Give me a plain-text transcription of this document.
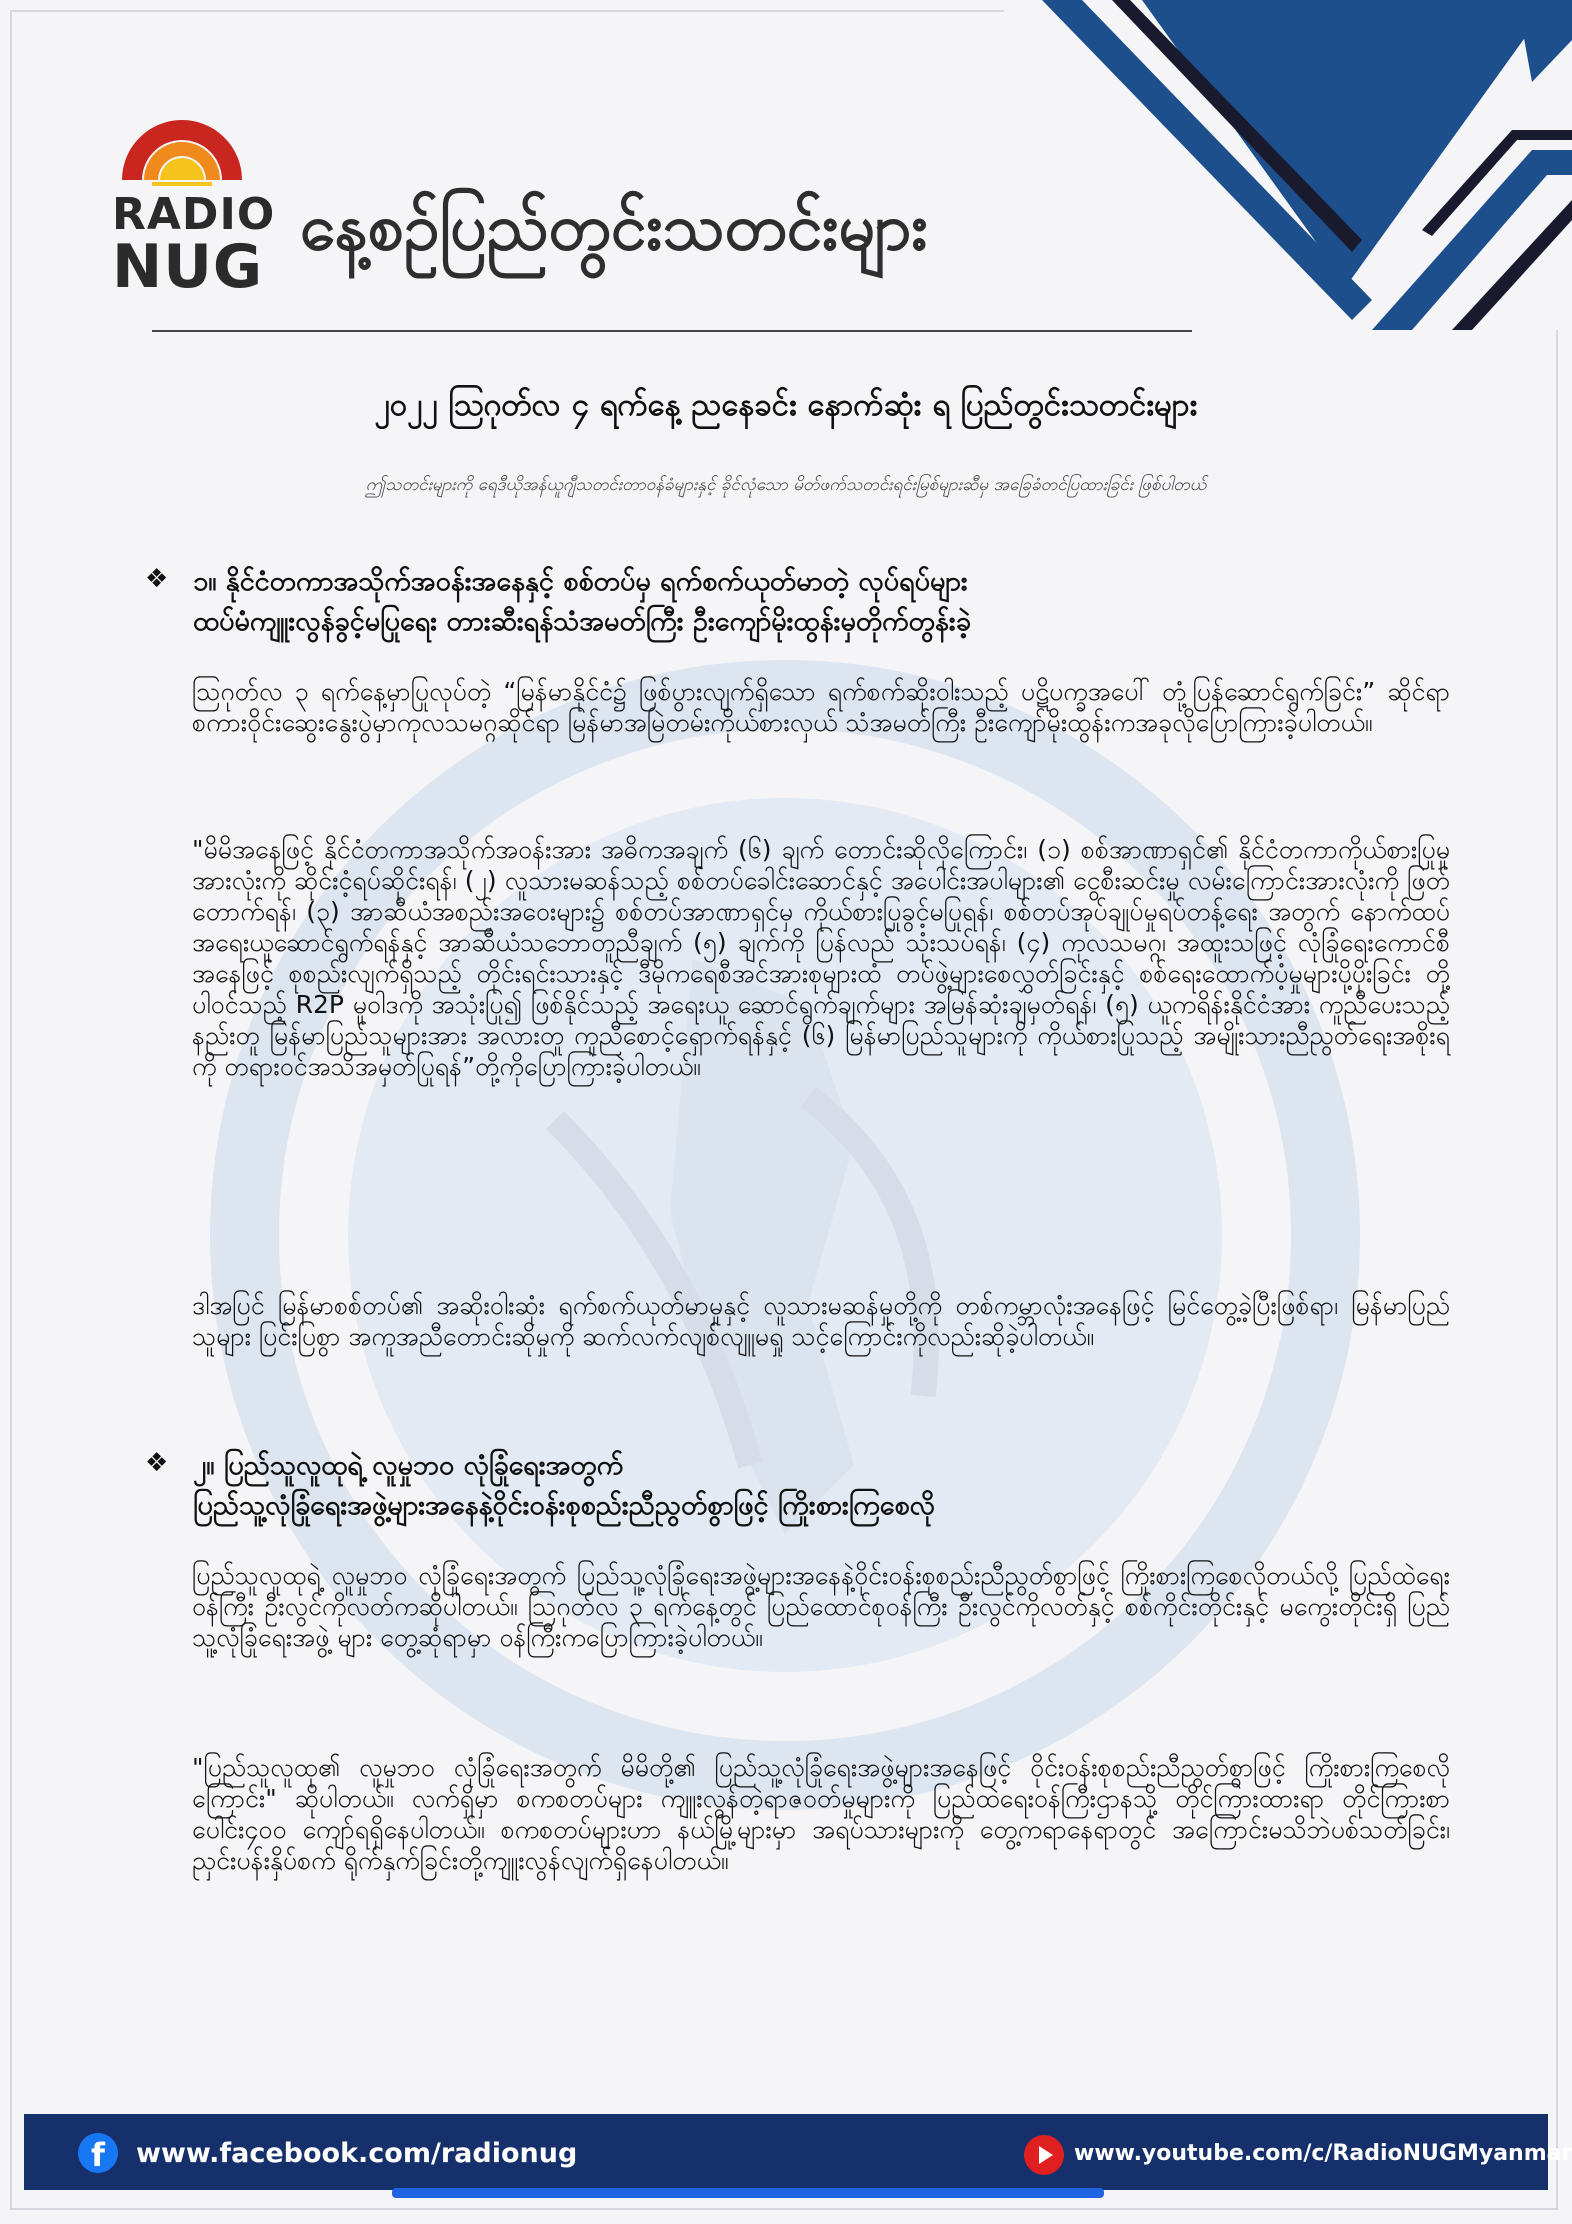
RADIO
NUG
နေ့စဉ်ပြည်တွင်းသတင်းများ
၂၀၂၂ ဩဂုတ်လ ၄ ရက်နေ့ ညနေခင်း နောက်ဆုံး ရ ပြည်တွင်းသတင်းများ
ဤသတင်းများကို ရေဒီယိုအန်ယူဂျီသတင်းတာဝန်ခံများနှင့် ခိုင်လုံသော မိတ်ဖက်သတင်းရင်းမြစ်များဆီမှ အခြေခံတင်ပြထားခြင်း ဖြစ်ပါတယ်
❖ ၁။ နိုင်ငံတကာအသိုက်အဝန်းအနေနှင့် စစ်တပ်မှ ရက်စက်ယုတ်မာတဲ့ လုပ်ရပ်များ
ထပ်မံကျူးလွန်ခွင့်မပြုရေး တားဆီးရန်သံအမတ်ကြီး ဦးကျော်မိုးထွန်းမှတိုက်တွန်းခဲ့
ဩဂုတ်လ ၃ ရက်နေ့မှာပြုလုပ်တဲ့ “မြန်မာနိုင်ငံ၌ ဖြစ်ပွားလျက်ရှိသော ရက်စက်ဆိုးဝါးသည့် ပဋိပက္ခအပေါ် တုံ့ပြန်ဆောင်ရွက်ခြင်း” ဆိုင်ရာ စကားဝိုင်းဆွေးနွေးပွဲမှာကုလသမဂ္ဂဆိုင်ရာ မြန်မာအမြဲတမ်းကိုယ်စားလှယ် သံအမတ်ကြီး ဦးကျော်မိုးထွန်းကအခုလိုပြောကြားခဲ့ပါတယ်။
"မိမိအနေဖြင့် နိုင်ငံတကာအသိုက်အဝန်းအား အဓိကအချက် (၆) ချက် တောင်းဆိုလိုကြောင်း၊ (၁) စစ်အာဏာရှင်၏ နိုင်ငံတကာကိုယ်စားပြုမှုအားလုံးကို ဆိုင်းငံ့ရပ်ဆိုင်းရန်၊ (၂) လူသားမဆန်သည့် စစ်တပ်ခေါင်းဆောင်နှင့် အပေါင်းအပါများ၏ ငွေစီးဆင်းမှု လမ်းကြောင်းအားလုံးကို ဖြတ်တောက်ရန်၊ (၃) အာဆီယံအစည်းအဝေးများ၌ စစ်တပ်အာဏာရှင်မှ ကိုယ်စားပြုခွင့်မပြုရန်၊ စစ်တပ်အုပ်ချုပ်မှုရပ်တန့်ရေး အတွက် နောက်ထပ်အရေးယူဆောင်ရွက်ရန်နှင့် အာဆီယံသဘောတူညီချက် (၅) ချက်ကို ပြန်လည် သုံးသပ်ရန်၊ (၄) ကုလသမဂ္ဂ၊ အထူးသဖြင့် လုံခြုံရေးကောင်စီအနေဖြင့် စုစည်းလျက်ရှိသည့် တိုင်းရင်းသားနှင့် ဒီမိုကရေစီအင်အားစုများထံ တပ်ဖွဲ့များစေလွှတ်ခြင်းနှင့် စစ်ရေးထောက်ပံ့မှုများပို့ပိုးခြင်း တို့ပါဝင်သည့် R2P မူဝါဒကို အသုံးပြု၍ ဖြစ်နိုင်သည့် အရေးယူ ဆောင်ရွက်ချက်များ အမြန်ဆုံးချမှတ်ရန်၊ (၅) ယူကရိန်းနိုင်ငံအား ကူညီပေးသည့်နည်းတူ မြန်မာပြည်သူများအား အလားတူ ကူညီစောင့်ရှောက်ရန်နှင့် (၆) မြန်မာပြည်သူများကို ကိုယ်စားပြုသည့် အမျိုးသားညီညွတ်ရေးအစိုးရကို တရားဝင်အသိအမှတ်ပြုရန်”တို့ကိုပြောကြားခဲ့ပါတယ်။
ဒါအပြင် မြန်မာစစ်တပ်၏ အဆိုးဝါးဆုံး ရက်စက်ယုတ်မာမှုနှင့် လူသားမဆန်မှုတို့ကို တစ်ကမ္ဘာလုံးအနေဖြင့် မြင်တွေ့ခဲ့ပြီးဖြစ်ရာ၊ မြန်မာပြည်သူများ ပြင်းပြစွာ အကူအညီတောင်းဆိုမှုကို ဆက်လက်လျစ်လျူမရှု သင့်ကြောင်းကိုလည်းဆိုခဲ့ပါတယ်။
❖ ၂။ ပြည်သူလူထုရဲ့ လူမှုဘဝ လုံခြုံရေးအတွက်
ပြည်သူ့လုံခြုံရေးအဖွဲ့များအနေနဲ့ဝိုင်းဝန်းစုစည်းညီညွတ်စွာဖြင့် ကြိုးစားကြစေလို
ပြည်သူလူထုရဲ့ လူမှုဘဝ လုံခြုံရေးအတွက် ပြည်သူ့လုံခြုံရေးအဖွဲ့များအနေနဲ့ဝိုင်းဝန်းစုစည်းညီညွတ်စွာဖြင့် ကြိုးစားကြစေလိုတယ်လို့ ပြည်ထဲရေးဝန်ကြီး ဦးလွင်ကိုလတ်ကဆိုပါတယ်။ ဩဂုတ်လ ၃ ရက်နေ့တွင် ပြည်ထောင်စုဝန်ကြီး ဦးလွင်ကိုလတ်နှင့် စစ်ကိုင်းတိုင်းနှင့် မကွေးတိုင်းရှိ ပြည်သူ့လုံခြုံရေးအဖွဲ့ များ တွေ့ဆုံရာမှာ ဝန်ကြီးကပြောကြားခဲ့ပါတယ်။
"ပြည်သူလူထု၏ လူမှုဘဝ လုံခြုံရေးအတွက် မိမိတို့၏ ပြည်သူ့လုံခြုံရေးအဖွဲ့များအနေဖြင့် ဝိုင်းဝန်းစုစည်းညီညွတ်စွာဖြင့် ကြိုးစားကြစေလိုကြောင်း" ဆိုပါတယ်။ လက်ရှိမှာ စကစတပ်များ ကျူးလွန်တဲ့ရာဇဝတ်မှုများကို ပြည်ထဲရေးဝန်ကြီးဌာနသို့ တိုင်ကြားထားရာ တိုင်ကြားစာပေါင်း၄၀၀ ကျော်ရရှိနေပါတယ်။ စကစတပ်များဟာ နယ်မြို့များမှာ အရပ်သားများကို တွေ့ကရာနေရာတွင် အကြောင်းမသိဘဲပစ်သတ်ခြင်း၊ ညှင်းပန်းနှိပ်စက် ရိုက်နှက်ခြင်းတို့ကျူးလွန်လျက်ရှိနေပါတယ်။
f	www.facebook.com/radionug	www.youtube.com/c/RadioNUGMyanmar
